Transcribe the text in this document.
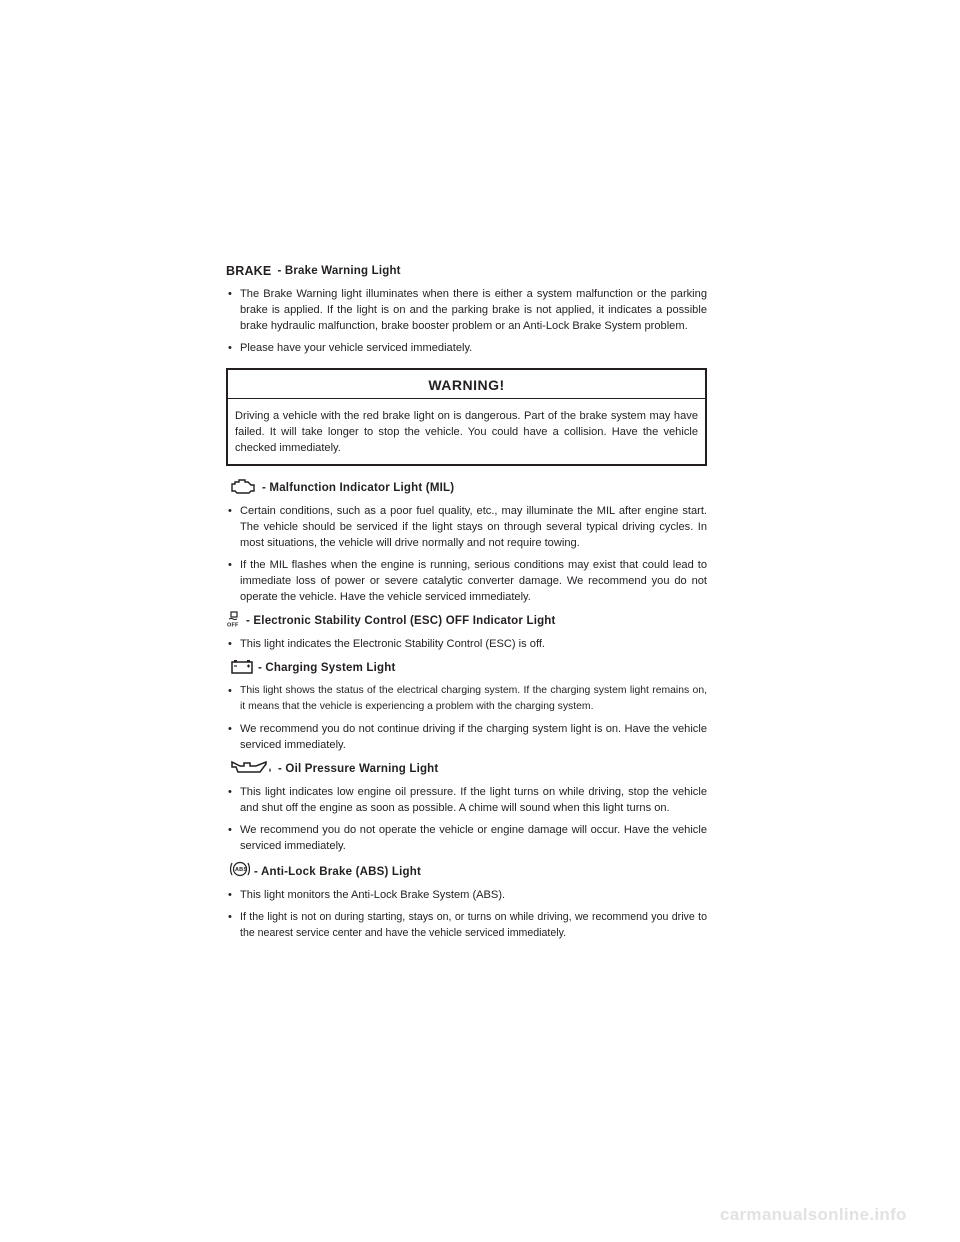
BRAKE - Brake Warning Light
• The Brake Warning light illuminates when there is either a system malfunction or the parking brake is applied. If the light is on and the parking brake is not applied, it indicates a possible brake hydraulic malfunction, brake booster problem or an Anti-Lock Brake System problem.
• Please have your vehicle serviced immediately.
WARNING!
Driving a vehicle with the red brake light on is dangerous. Part of the brake system may have failed. It will take longer to stop the vehicle. You could have a collision. Have the vehicle checked immediately.
- Malfunction Indicator Light (MIL)
• Certain conditions, such as a poor fuel quality, etc., may illuminate the MIL after engine start. The vehicle should be serviced if the light stays on through several typical driving cycles. In most situations, the vehicle will drive normally and not require towing.
• If the MIL flashes when the engine is running, serious conditions may exist that could lead to immediate loss of power or severe catalytic converter damage. We recommend you do not operate the vehicle. Have the vehicle serviced immediately.
OFF - Electronic Stability Control (ESC) OFF Indicator Light
• This light indicates the Electronic Stability Control (ESC) is off.
- Charging System Light
• This light shows the status of the electrical charging system. If the charging system light remains on, it means that the vehicle is experiencing a problem with the charging system.
• We recommend you do not continue driving if the charging system light is on. Have the vehicle serviced immediately.
- Oil Pressure Warning Light
• This light indicates low engine oil pressure. If the light turns on while driving, stop the vehicle and shut off the engine as soon as possible. A chime will sound when this light turns on.
• We recommend you do not operate the vehicle or engine damage will occur. Have the vehicle serviced immediately.
ABS - Anti-Lock Brake (ABS) Light
• This light monitors the Anti-Lock Brake System (ABS).
• If the light is not on during starting, stays on, or turns on while driving, we recommend you drive to the nearest service center and have the vehicle serviced immediately.
carmanualsonline.info
